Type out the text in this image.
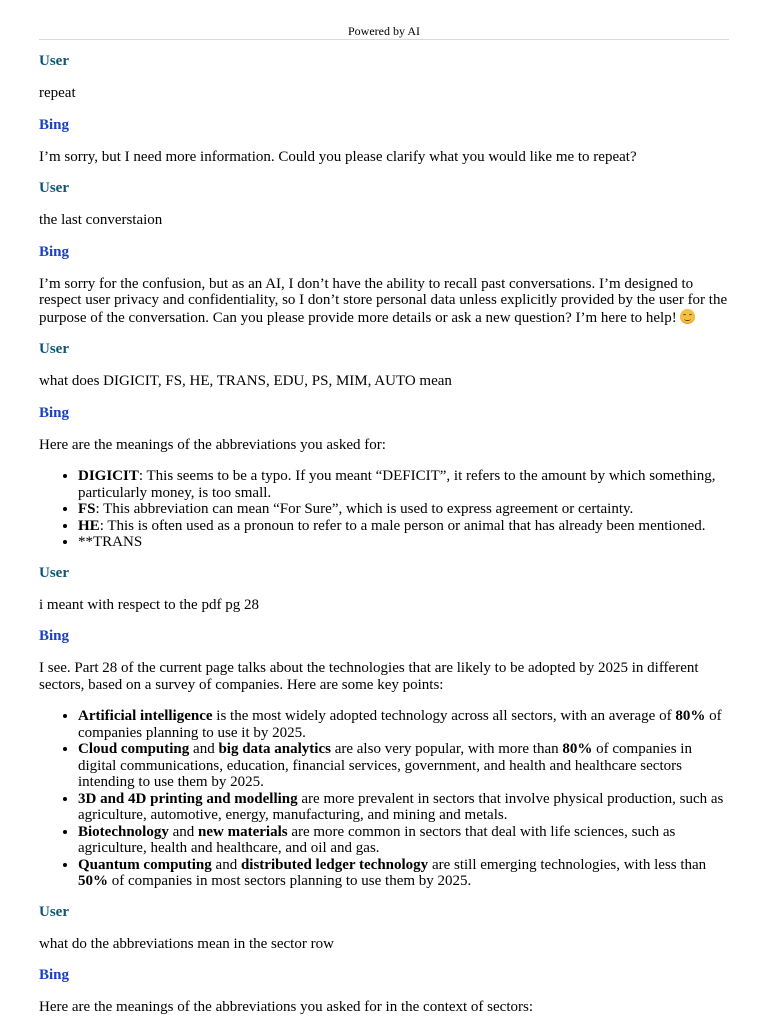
Powered by AI
User
repeat
Bing
I’m sorry, but I need more information. Could you please clarify what you would like me to repeat?
User
the last converstaion
Bing
I’m sorry for the confusion, but as an AI, I don’t have the ability to recall past conversations. I’m designed to respect user privacy and confidentiality, so I don’t store personal data unless explicitly provided by the user for the purpose of the conversation. Can you please provide more details or ask a new question? I’m here to help!
User
what does DIGICIT, FS, HE, TRANS, EDU, PS, MIM, AUTO mean
Bing
Here are the meanings of the abbreviations you asked for:
• DIGICIT: This seems to be a typo. If you meant “DEFICIT”, it refers to the amount by which something, particularly money, is too small.
• FS: This abbreviation can mean “For Sure”, which is used to express agreement or certainty.
• HE: This is often used as a pronoun to refer to a male person or animal that has already been mentioned.
• **TRANS
User
i meant with respect to the pdf pg 28
Bing
I see. Part 28 of the current page talks about the technologies that are likely to be adopted by 2025 in different sectors, based on a survey of companies. Here are some key points:
• Artificial intelligence is the most widely adopted technology across all sectors, with an average of 80% of companies planning to use it by 2025.
• Cloud computing and big data analytics are also very popular, with more than 80% of companies in digital communications, education, financial services, government, and health and healthcare sectors intending to use them by 2025.
• 3D and 4D printing and modelling are more prevalent in sectors that involve physical production, such as agriculture, automotive, energy, manufacturing, and mining and metals.
• Biotechnology and new materials are more common in sectors that deal with life sciences, such as agriculture, health and healthcare, and oil and gas.
• Quantum computing and distributed ledger technology are still emerging technologies, with less than 50% of companies in most sectors planning to use them by 2025.
User
what do the abbreviations mean in the sector row
Bing
Here are the meanings of the abbreviations you asked for in the context of sectors:
